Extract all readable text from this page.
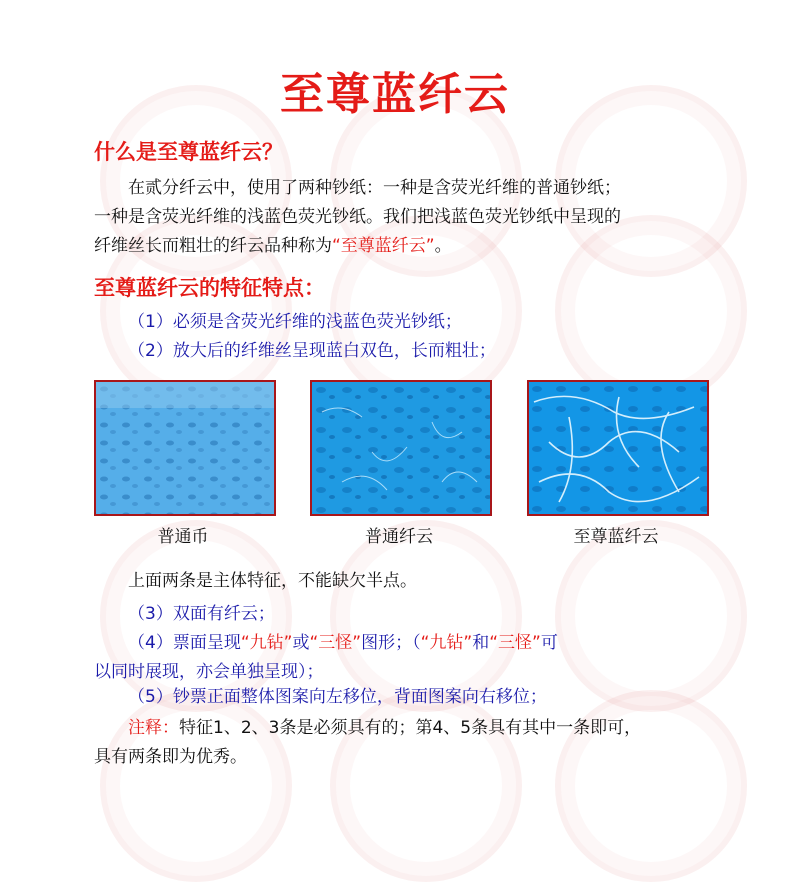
至尊蓝纤云
什么是至尊蓝纤云？
在贰分纤云中，使用了两种钞纸：一种是含荧光纤维的普通钞纸；
一种是含荧光纤维的浅蓝色荧光钞纸。我们把浅蓝色荧光钞纸中呈现的
纤维丝长而粗壮的纤云品种称为“至尊蓝纤云”。
至尊蓝纤云的特征特点：
（1）必须是含荧光纤维的浅蓝色荧光钞纸；
（2）放大后的纤维丝呈现蓝白双色，长而粗壮；
普通币	普通纤云	至尊蓝纤云
上面两条是主体特征，不能缺欠半点。
（3）双面有纤云；
（4）票面呈现“九钻”或“三怪”图形；（“九钻”和“三怪”可
以同时展现，亦会单独呈现）；
（5）钞票正面整体图案向左移位，背面图案向右移位；
注释：特征1、2、3条是必须具有的；第4、5条具有其中一条即可，
具有两条即为优秀。
